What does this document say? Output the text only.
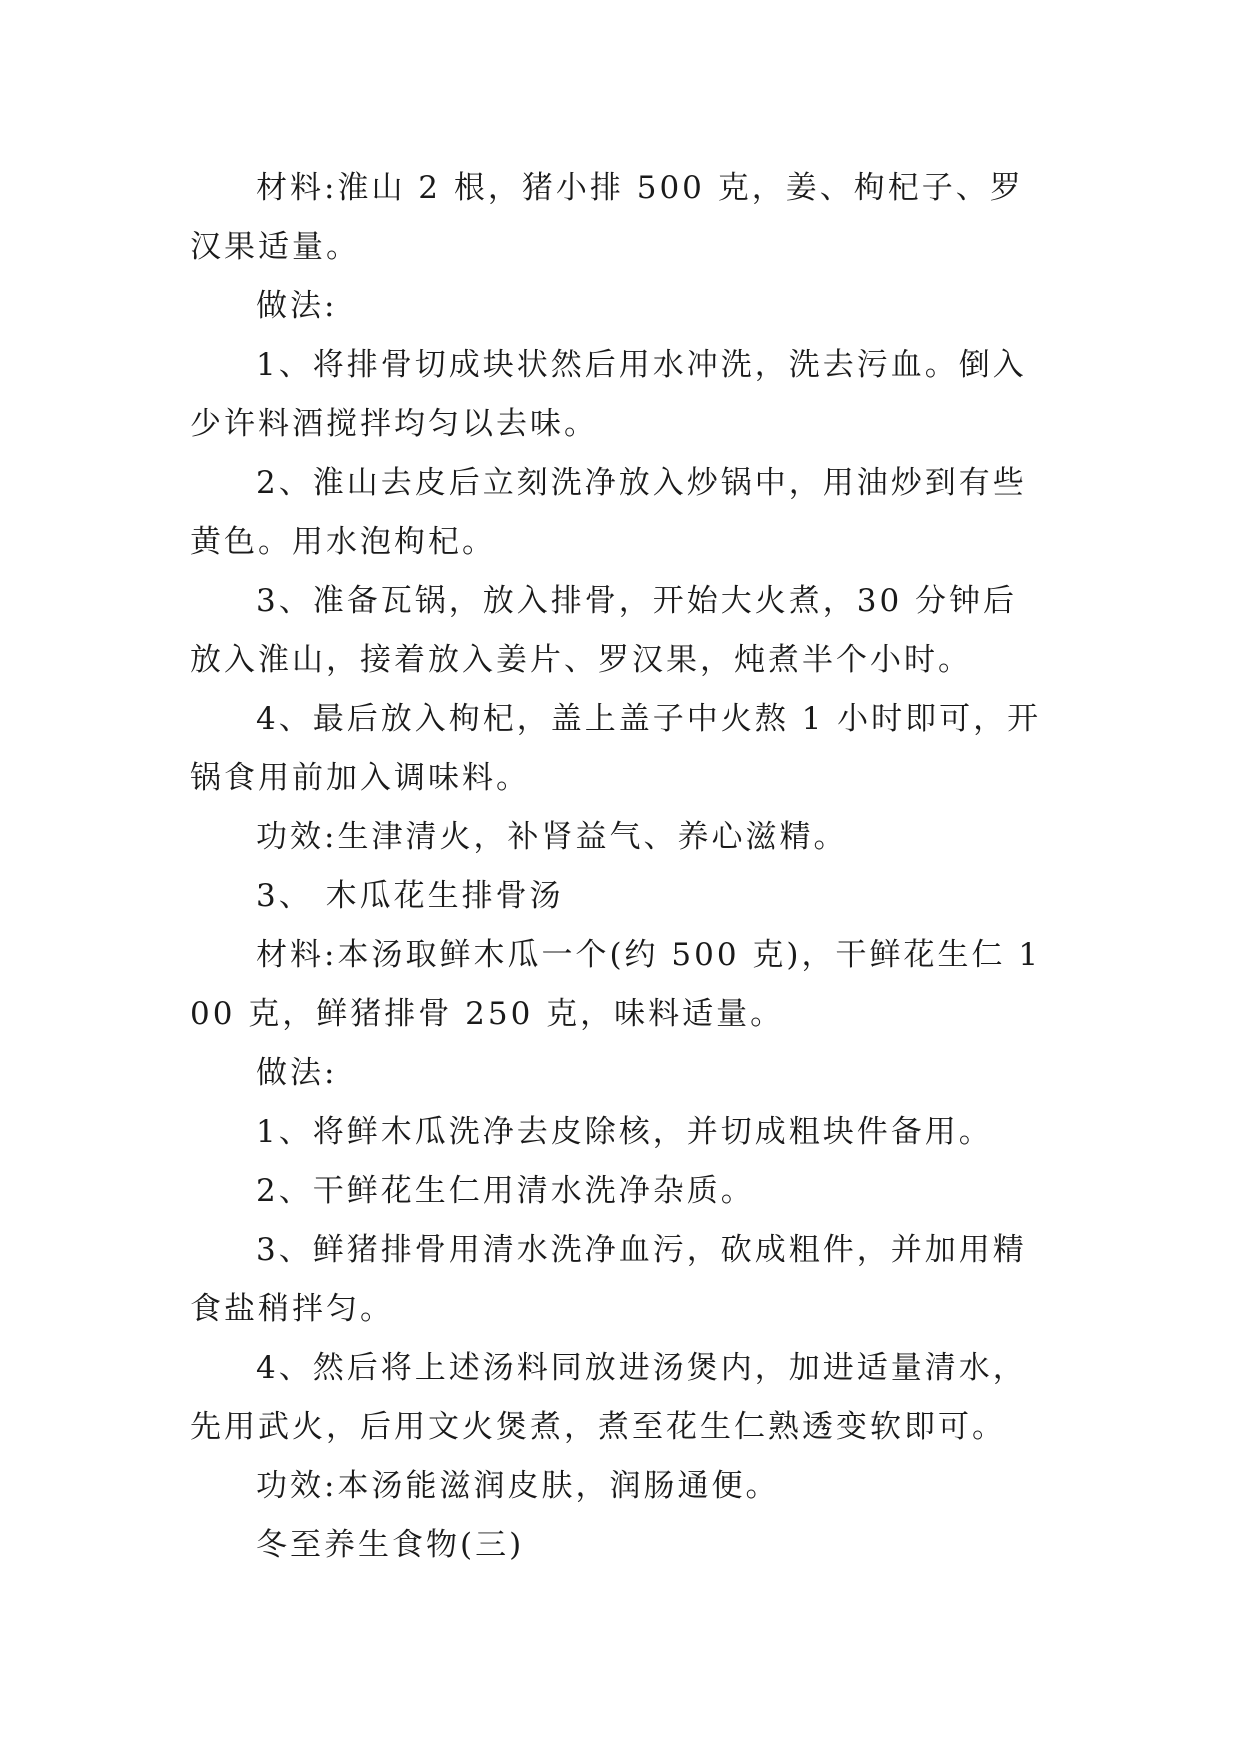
材料:淮山 2 根，猪小排 500 克，姜、枸杞子、罗汉果适量。

做法:

1、将排骨切成块状然后用水冲洗，洗去污血。倒入少许料酒搅拌均匀以去味。

2、淮山去皮后立刻洗净放入炒锅中，用油炒到有些黄色。用水泡枸杞。

3、准备瓦锅，放入排骨，开始大火煮，30 分钟后放入淮山，接着放入姜片、罗汉果，炖煮半个小时。

4、最后放入枸杞，盖上盖子中火熬 1 小时即可，开锅食用前加入调味料。

功效:生津清火，补肾益气、养心滋精。

3、 木瓜花生排骨汤

材料:本汤取鲜木瓜一个(约 500 克)，干鲜花生仁 100 克，鲜猪排骨 250 克，味料适量。

做法:

1、将鲜木瓜洗净去皮除核，并切成粗块件备用。

2、干鲜花生仁用清水洗净杂质。

3、鲜猪排骨用清水洗净血污，砍成粗件，并加用精食盐稍拌匀。

4、然后将上述汤料同放进汤煲内，加进适量清水，先用武火，后用文火煲煮，煮至花生仁熟透变软即可。

功效:本汤能滋润皮肤，润肠通便。

冬至养生食物(三)
